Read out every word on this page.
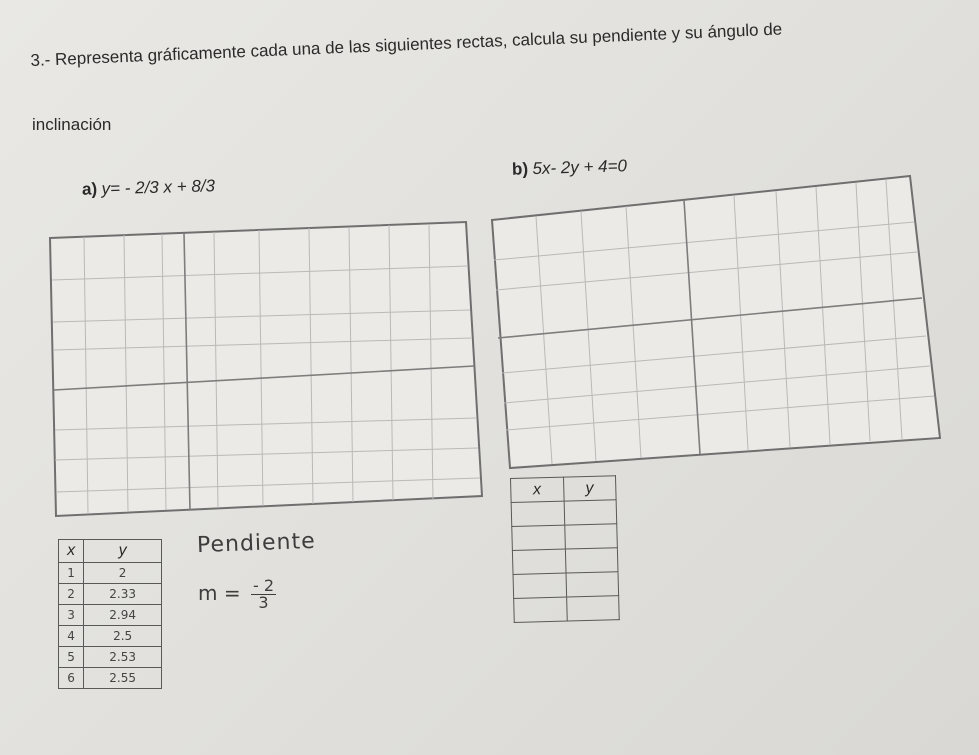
3.- Representa gráficamente cada una de las siguientes rectas, calcula su pendiente y su ángulo de
inclinación
a) y= - 2/3 x + 8/3
b) 5x- 2y + 4=0
x	y
1	2
2	2.33
3	2.94
4	2.5
5	2.53
6	2.55
Pendiente
$m = \frac{- 2}{3}$
x	y
